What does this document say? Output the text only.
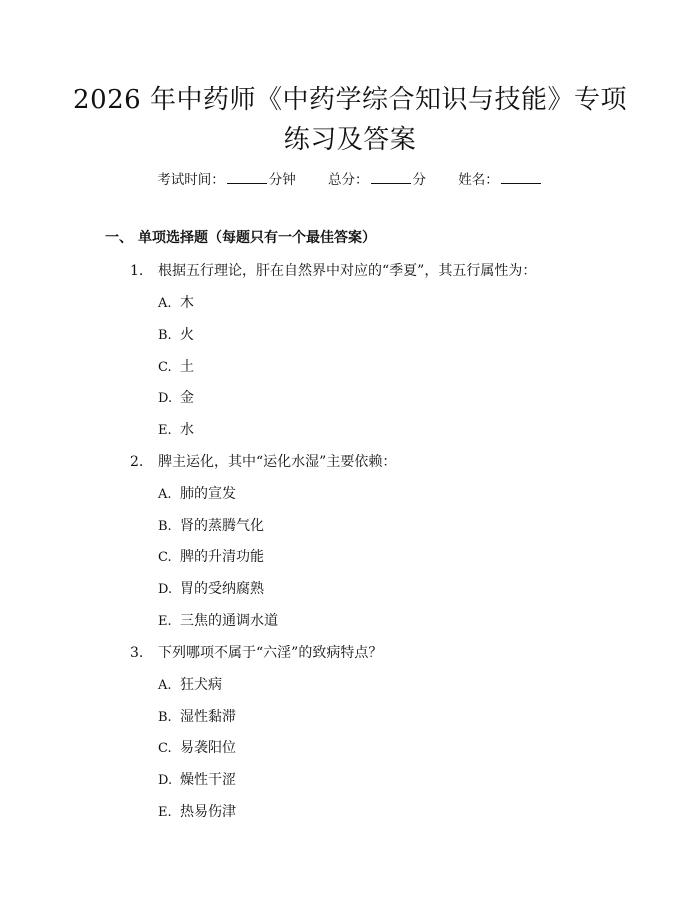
2026 年中药师《中药学综合知识与技能》专项练习及答案
考试时间：	分钟 总分：	分 姓名：
一、 单项选择题（每题只有一个最佳答案）
1. 根据五行理论，肝在自然界中对应的“季夏”，其五行属性为：
A. 木
B. 火
C. 土
D. 金
E. 水
2. 脾主运化，其中“运化水湿”主要依赖：
A. 肺的宣发
B. 肾的蒸腾气化
C. 脾的升清功能
D. 胃的受纳腐熟
E. 三焦的通调水道
3. 下列哪项不属于“六淫”的致病特点？
A. 狂犬病
B. 湿性黏滞
C. 易袭阳位
D. 燥性干涩
E. 热易伤津
